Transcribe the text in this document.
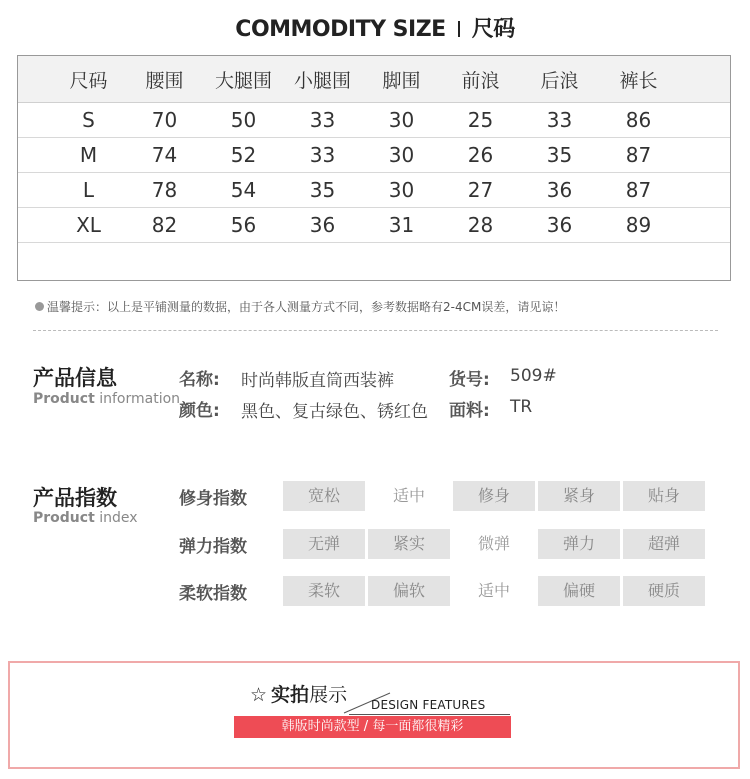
COMMODITY SIZE 尺码
尺码	腰围	大腿围	小腿围	脚围	前浪	后浪	裤长
S	70	50	33	30	25	33	86
M	74	52	33	30	26	35	87
L	78	54	35	30	27	36	87
XL	82	56	36	31	28	36	89
温馨提示：以上是平铺测量的数据，由于各人测量方式不同，参考数据略有2-4CM误差，请见谅！
产品信息
Product information
名称: 时尚韩版直筒西装裤	货号: 509#
颜色: 黑色、复古绿色、锈红色 面料: TR
产品指数
Product index
修身指数	宽松	适中	修身	紧身	贴身
弹力指数	无弹	紧实	微弹	弹力	超弹
柔软指数	柔软	偏软	适中	偏硬	硬质
☆ 实拍展示 DESIGN FEATURES
韩版时尚款型 / 每一面都很精彩
